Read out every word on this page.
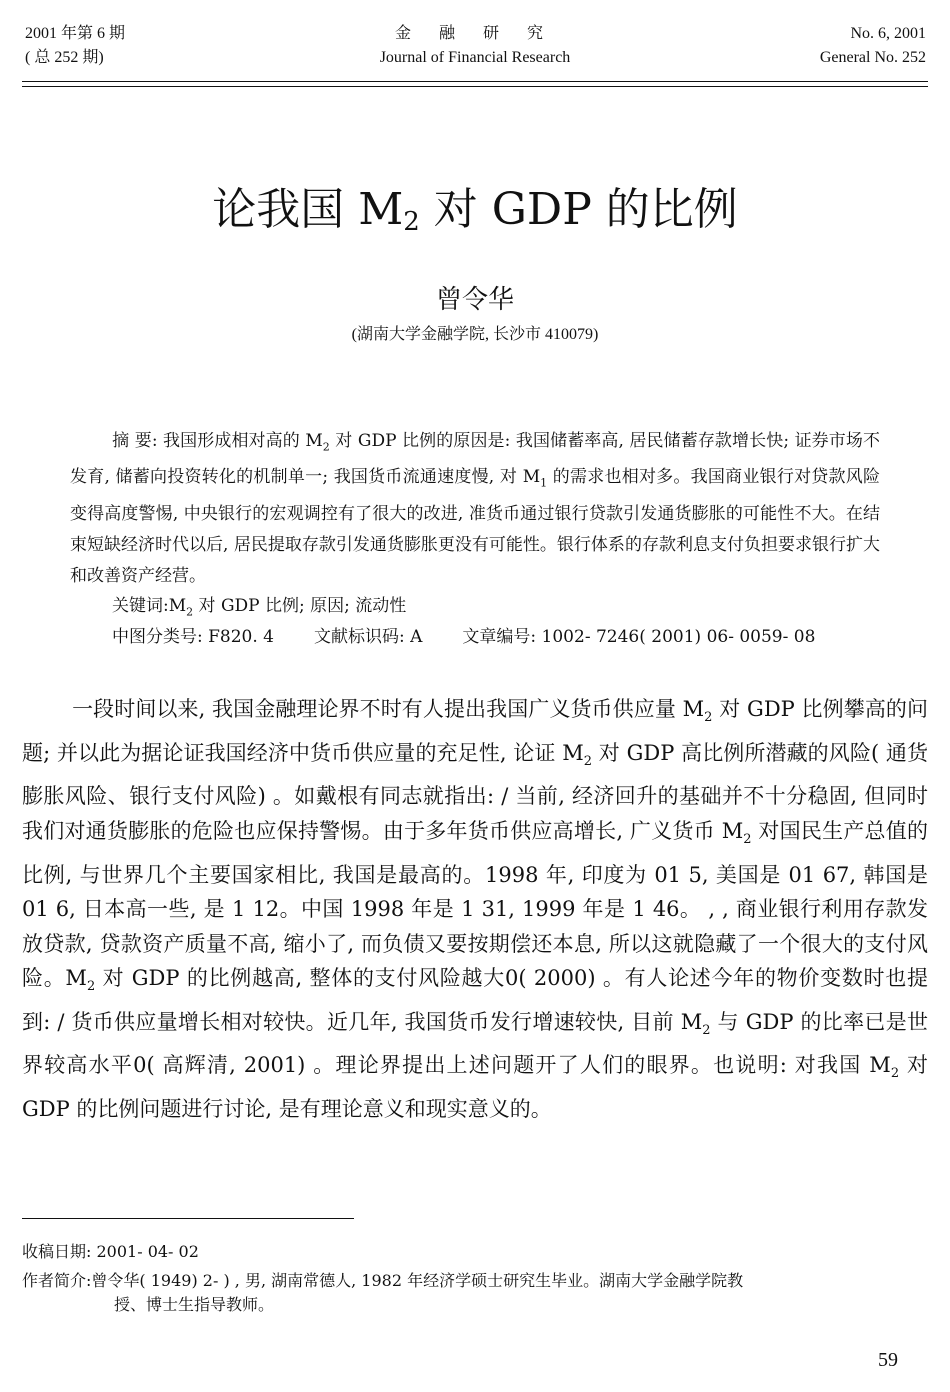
2001 年第 6 期
( 总 252 期)
金 融 研 究
Journal of Financial Research
No. 6, 2001
General No. 252
论我国 $M_2$ 对 GDP 的比例
曾令华
(湖南大学金融学院, 长沙市 410079)
摘 要: 我国形成相对高的 $M_2$ 对 GDP 比例的原因是: 我国储蓄率高, 居民储蓄存款增长快; 证券市场不发育, 储蓄向投资转化的机制单一; 我国货币流通速度慢, 对 $M_1$ 的需求也相对多。我国商业银行对贷款风险变得高度警惕, 中央银行的宏观调控有了很大的改进, 准货币通过银行贷款引发通货膨胀的可能性不大。在结束短缺经济时代以后, 居民提取存款引发通货膨胀更没有可能性。银行体系的存款利息支付负担要求银行扩大和改善资产经营。
关键词$:M_2$ 对 GDP 比例; 原因; 流动性
中图分类号: F820. 4 文献标识码: A 文章编号: 1002- 7246( 2001) 06- 0059- 08
一段时间以来, 我国金融理论界不时有人提出我国广义货币供应量 $M_2$ 对 GDP 比例攀高的问题; 并以此为据论证我国经济中货币供应量的充足性, 论证 $M_2$ 对 GDP 高比例所潜藏的风险( 通货膨胀风险、银行支付风险) 。如戴根有同志就指出: / 当前, 经济回升的基础并不十分稳固, 但同时我们对通货膨胀的危险也应保持警惕。由于多年货币供应高增长, 广义货币 $M_2$ 对国民生产总值的比例, 与世界几个主要国家相比, 我国是最高的。1998 年, 印度为 01 5, 美国是 01 67, 韩国是 01 6, 日本高一些, 是 1 12。中国 1998 年是 1 31, 1999 年是 1 46。 , , 商业银行利用存款发放贷款, 贷款资产质量不高, 缩小了, 而负债又要按期偿还本息, 所以这就隐藏了一个很大的支付风险。$M_2$ 对 GDP 的比例越高, 整体的支付风险越大0( 2000) 。有人论述今年的物价变数时也提到: / 货币供应量增长相对较快。近几年, 我国货币发行增速较快, 目前 $M_2$ 与 GDP 的比率已是世界较高水平0( 高辉清, 2001) 。理论界提出上述问题开了人们的眼界。也说明: 对我国 $M_2$ 对 GDP 的比例问题进行讨论, 是有理论意义和现实意义的。
收稿日期: 2001- 04- 02
作者简介:曾令华( 1949) 2- ) , 男, 湖南常德人, 1982 年经济学硕士研究生毕业。湖南大学金融学院教
授、博士生指导教师。
59
